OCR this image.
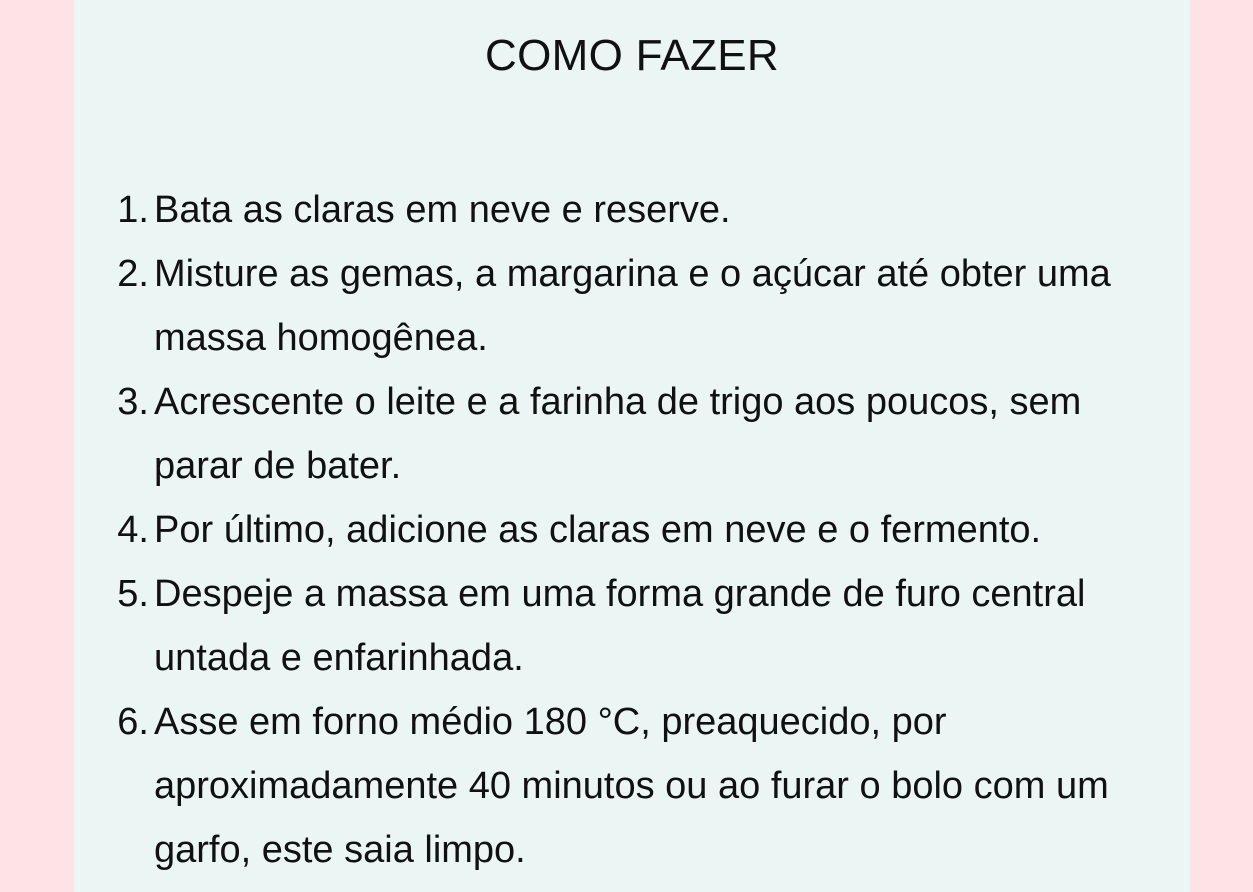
COMO FAZER
1. Bata as claras em neve e reserve.
2. Misture as gemas, a margarina e o açúcar até obter uma massa homogênea.
3. Acrescente o leite e a farinha de trigo aos poucos, sem parar de bater.
4. Por último, adicione as claras em neve e o fermento.
5. Despeje a massa em uma forma grande de furo central untada e enfarinhada.
6. Asse em forno médio 180 °C, preaquecido, por aproximadamente 40 minutos ou ao furar o bolo com um garfo, este saia limpo.
